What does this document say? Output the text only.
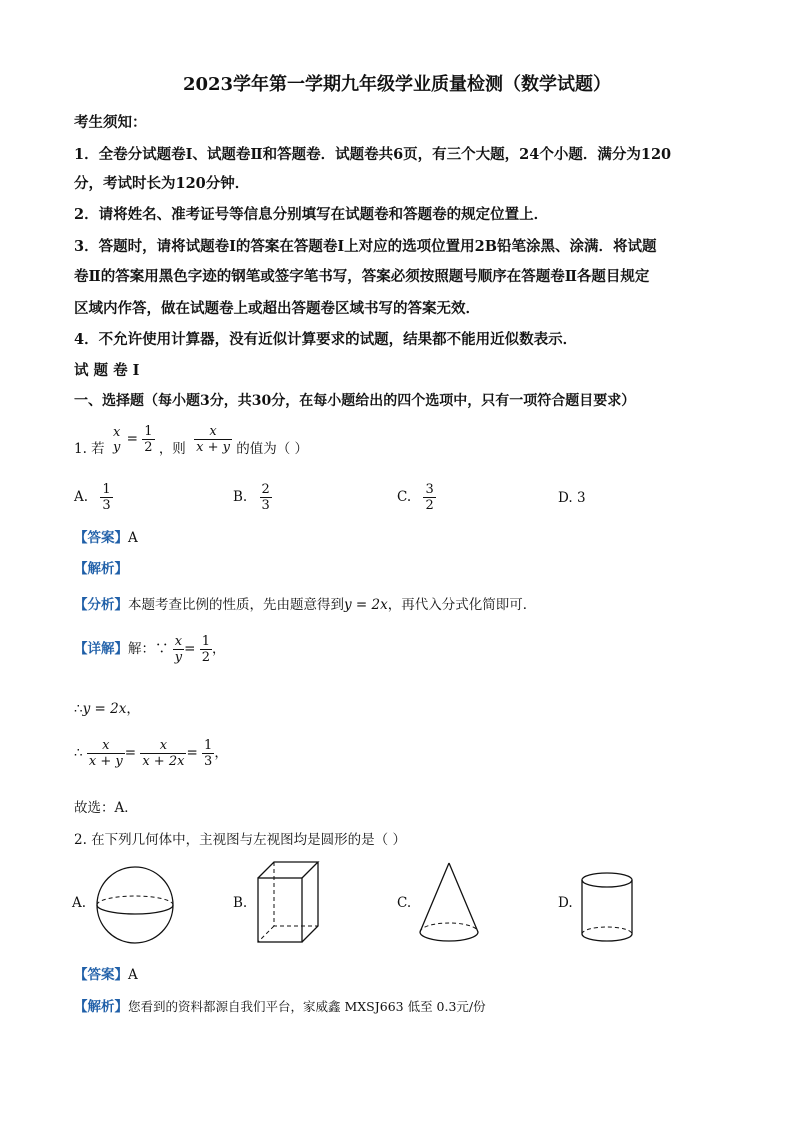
2023学年第一学期九年级学业质量检测（数学试题）
考生须知：
1．全卷分试题卷Ⅰ、试题卷Ⅱ和答题卷．试题卷共6页，有三个大题，24个小题．满分为120
分，考试时长为120分钟．
2．请将姓名、准考证号等信息分别填写在试题卷和答题卷的规定位置上．
3．答题时，请将试题卷Ⅰ的答案在答题卷Ⅰ上对应的选项位置用2B铅笔涂黑、涂满．将试题
卷Ⅱ的答案用黑色字迹的钢笔或签字笔书写，答案必须按照题号顺序在答题卷Ⅱ各题目规定
区域内作答，做在试题卷上或超出答题卷区域书写的答案无效．
4．不允许使用计算器，没有近似计算要求的试题，结果都不能用近似数表示．
试 题 卷 Ⅰ
一、选择题（每小题3分，共30分，在每小题给出的四个选项中，只有一项符合题目要求）
1. 若
x
$y = \frac{1}{2}$ ，则 $\frac{x}{x + y}$ 的值为（ ）
A. $\frac{1}{3}$	B. $\frac{2}{3}$	C. $\frac{3}{2}$	D. 3
【答案】A
【解析】
【分析】本题考查比例的性质，先由题意得到y = 2x，再代入分式化简即可．
【详解】解：∵ $\frac{x}{y} = \frac{1}{2}$ ，
∴y = 2x，
∴ $\frac{x}{x + y} = \frac{x}{x + 2x} = \frac{1}{3}$ ，
故选：A．
2. 在下列几何体中，主视图与左视图均是圆形的是（ ）
A.	B.	C.	D.
【答案】A
【解析】您看到的资料都源自我们平台，家威鑫 MXSJ663 低至 0.3元/份
